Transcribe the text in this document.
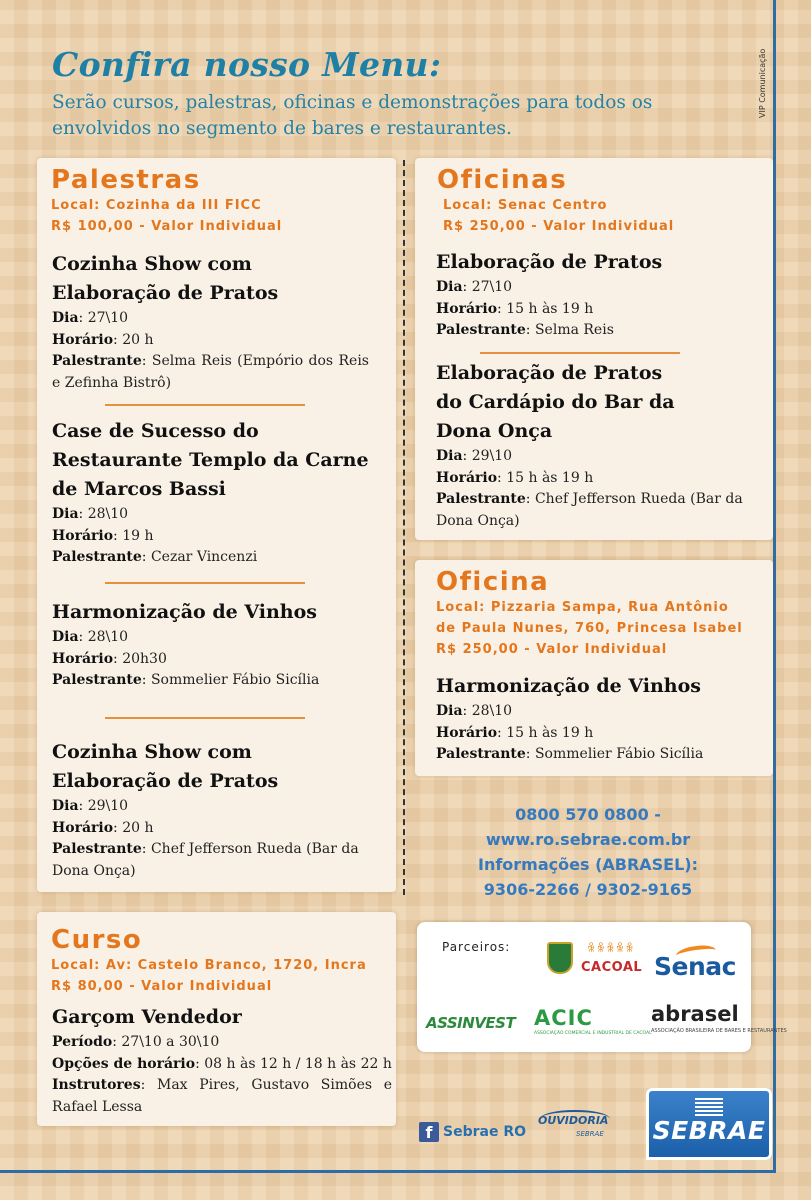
VIP Comunicação
Confira nosso Menu:

Serão cursos, palestras, oficinas e demonstrações para todos os envolvidos no segmento de bares e restaurantes.

Palestras
Local: Cozinha da III FICC
R$ 100,00 - Valor Individual

Cozinha Show com

Elaboração de Pratos

Dia: 27\10

Horário: 20 h

Palestrante: Selma Reis (Empório dos Reis e Zefinha Bistrô)

Case de Sucesso do

Restaurante Templo da Carne

de Marcos Bassi

Dia: 28\10

Horário: 19 h

Palestrante: Cezar Vincenzi

Harmonização de Vinhos

Dia: 28\10

Horário: 20h30

Palestrante: Sommelier Fábio Sicília

Cozinha Show com

Elaboração de Pratos

Dia: 29\10

Horário: 20 h

Palestrante: Chef Jefferson Rueda (Bar da Dona Onça)

Curso
Local: Av: Castelo Branco, 1720, Incra
R$ 80,00 - Valor Individual

Garçom Vendedor

Período: 27\10 a 30\10

Opções de horário: 08 h às 12 h / 18 h às 22 h

Instrutores: Max Pires, Gustavo Simões e Rafael Lessa

Oficinas
Local: Senac Centro
R$ 250,00 - Valor Individual

Elaboração de Pratos

Dia: 27\10

Horário: 15 h às 19 h

Palestrante: Selma Reis

Elaboração de Pratos

do Cardápio do Bar da

Dona Onça

Dia: 29\10

Horário: 15 h às 19 h

Palestrante: Chef Jefferson Rueda (Bar da Dona Onça)

Oficina
Local: Pizzaria Sampa, Rua Antônio
de Paula Nunes, 760, Princesa Isabel
R$ 250,00 - Valor Individual

Harmonização de Vinhos

Dia: 28\10

Horário: 15 h às 19 h

Palestrante: Sommelier Fábio Sicília

0800 570 0800 - www.ro.sebrae.com.br
Informações (ABRASEL):
9306-2266 / 9302-9165
Parceiros:	ꆜꆜꆜꆜꆜ
CACOAL Senac
ASSINVEST ACIC
ASSOCIAÇÃO COMERCIAL E INDUSTRIAL DE CACOAL
abrasel
ASSOCIAÇÃO BRASILEIRA DE BARES E RESTAURANTES
f Sebrae RO
OUVIDORIA
SEBRAE SEBRAE
